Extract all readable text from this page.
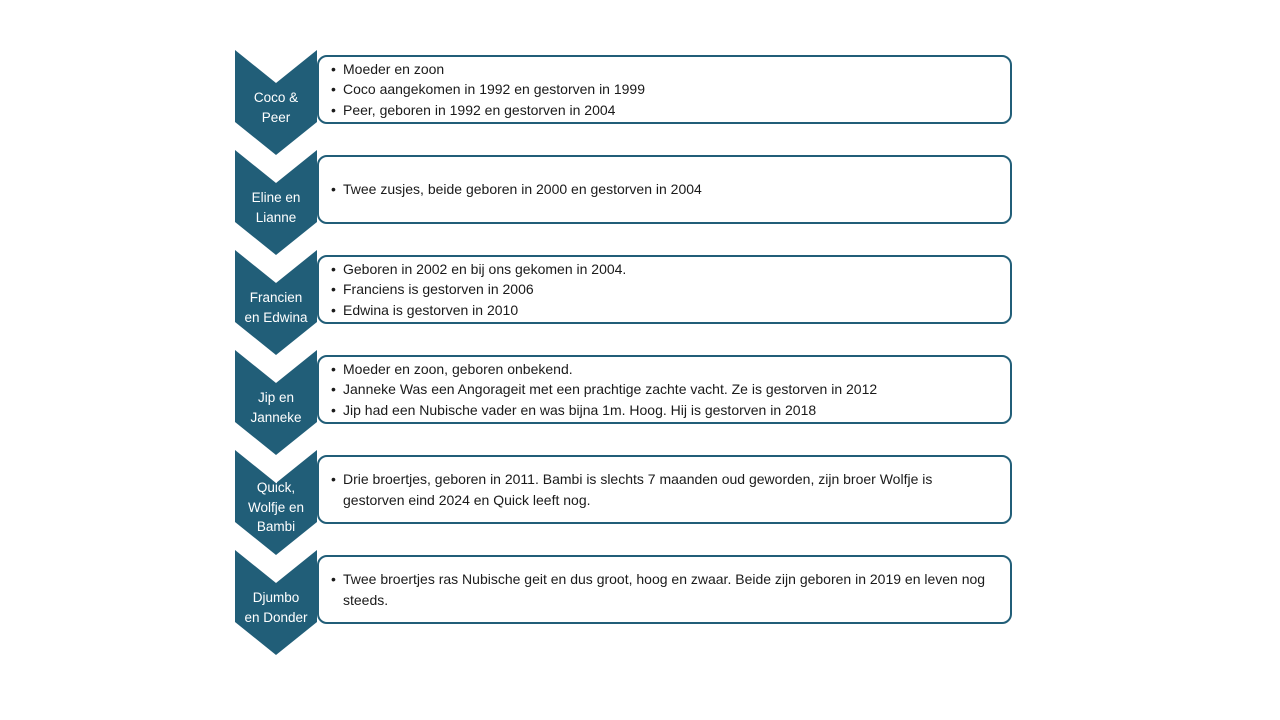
Coco &
Peer
• Moeder en zoon
• Coco aangekomen in 1992 en gestorven in 1999
• Peer, geboren in 1992 en gestorven in 2004
Eline en
Lianne
• Twee zusjes, beide geboren in 2000 en gestorven in 2004
Francien
en Edwina
• Geboren in 2002 en bij ons gekomen in 2004.
• Franciens is gestorven in 2006
• Edwina is gestorven in 2010
Jip en
Janneke
• Moeder en zoon, geboren onbekend.
• Janneke Was een Angorageit met een prachtige zachte vacht. Ze is gestorven in 2012
• Jip had een Nubische vader en was bijna 1m. Hoog. Hij is gestorven in 2018
Quick,
Wolfje en
Bambi
• Drie broertjes, geboren in 2011. Bambi is slechts 7 maanden oud geworden, zijn broer Wolfje is gestorven eind 2024 en Quick leeft nog.
Djumbo
en Donder
• Twee broertjes ras Nubische geit en dus groot, hoog en zwaar. Beide zijn geboren in 2019 en leven nog steeds.
